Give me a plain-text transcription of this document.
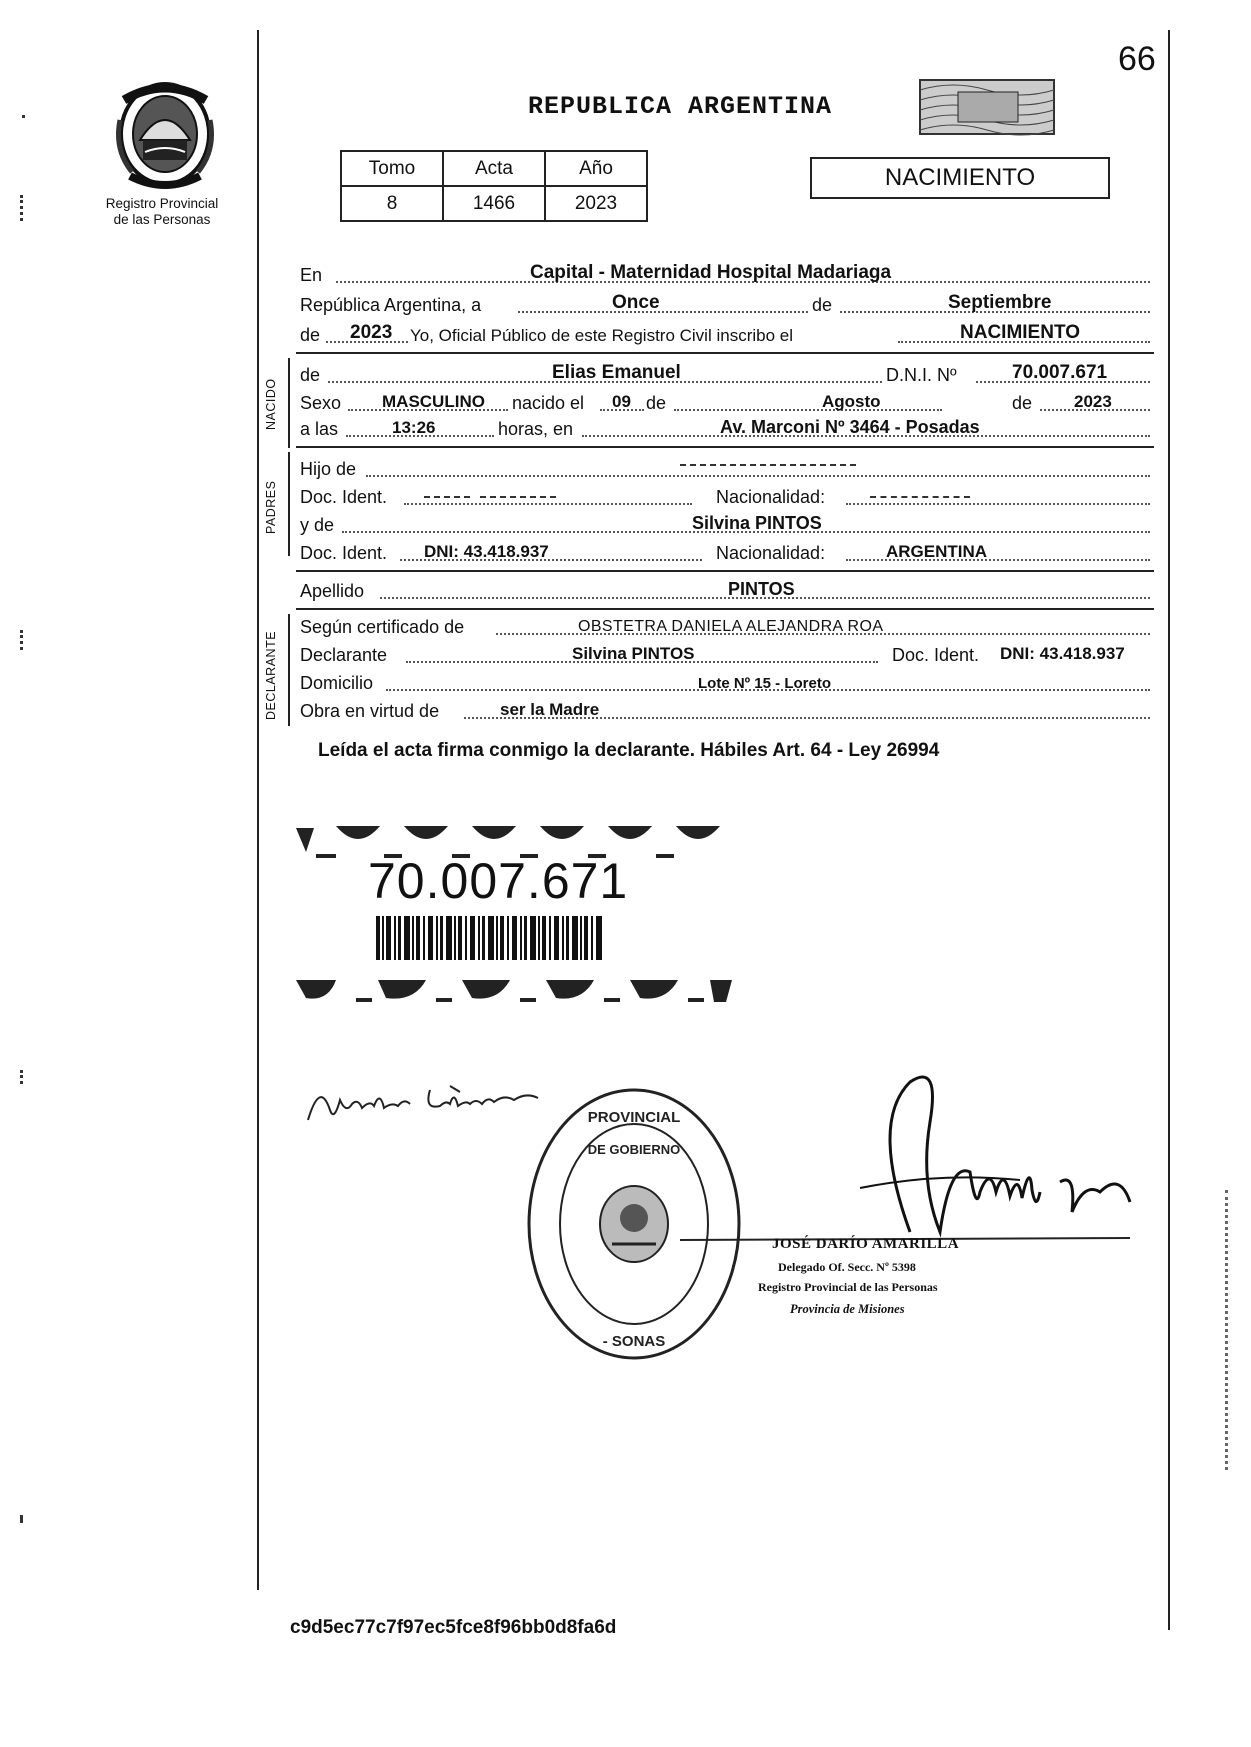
Registro Provincial
de las Personas
66
REPUBLICA ARGENTINA
Tomo	Acta	Año
8	1466	2023
NACIMIENTO
En	Capital - Maternidad Hospital Madariaga
República Argentina, a	Once	de	Septiembre
de 2023 Yo, Oficial Público de este Registro Civil inscribo el	NACIMIENTO
NACIDO
de	Elias Emanuel	D.N.I. Nº	70.007.671
Sexo MASCULINO nacido el 09 de	Agosto	de 2023
a las	13:26	horas, en	Av. Marconi Nº 3464 - Posadas
PADRES
Hijo de
Doc. Ident.	Nacionalidad:
y de	Silvina PINTOS
Doc. Ident. DNI: 43.418.937	Nacionalidad:	ARGENTINA
Apellido	PINTOS
DECLARANTE
Según certificado de	OBSTETRA DANIELA ALEJANDRA ROA
Declarante	Silvina PINTOS	Doc. Ident. DNI: 43.418.937
Domicilio	Lote Nº 15 - Loreto
Obra en virtud de	ser la Madre
Leída el acta firma conmigo la declarante. Hábiles Art. 64 - Ley 26994
70.007.671
PROVINCIAL
DE GOBIERNO
- SONAS
JOSÉ DARÍO AMARILLA
Delegado Of. Secc. Nº 5398
Registro Provincial de las Personas
Provincia de Misiones
c9d5ec77c7f97ec5fce8f96bb0d8fa6d
